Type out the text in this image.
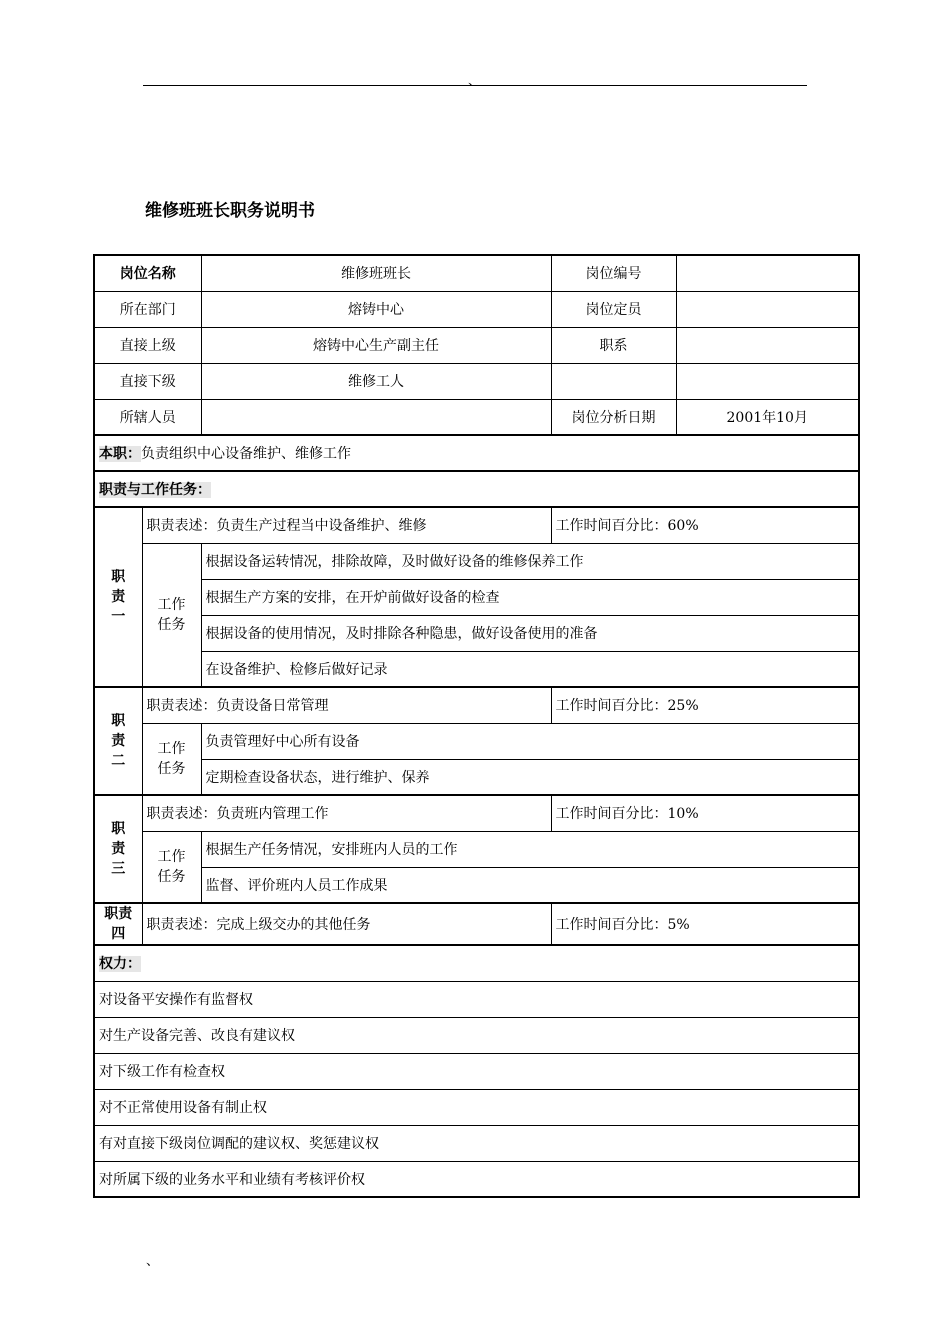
、
维修班班长职务说明书
岗位名称		维修班班长	岗位编号	
所在部门		熔铸中心	岗位定员	
直接上级		熔铸中心生产副主任	职系	
直接下级		维修工人		
所辖人员			岗位分析日期	2001年10月
本职：负责组织中心设备维护、维修工作				
职责与工作任务：				
职
责
一	职责表述：负责生产过程当中设备维护、维修		工作时间百分比：60%	
	工作
任务	根据设备运转情况，排除故障，及时做好设备的维修保养工作		
		根据生产方案的安排，在开炉前做好设备的检查		
		根据设备的使用情况，及时排除各种隐患，做好设备使用的准备		
		在设备维护、检修后做好记录		
职
责
二	职责表述：负责设备日常管理		工作时间百分比：25%	
	工作
任务	负责管理好中心所有设备		
		定期检查设备状态，进行维护、保养		
职
责
三	职责表述：负责班内管理工作		工作时间百分比：10%	
	工作
任务	根据生产任务情况，安排班内人员的工作		
		监督、评价班内人员工作成果		
职责
四	职责表述：完成上级交办的其他任务		工作时间百分比：5%	
权力：				
对设备平安操作有监督权				
对生产设备完善、改良有建议权				
对下级工作有检查权				
对不正常使用设备有制止权				
有对直接下级岗位调配的建议权、奖惩建议权				
对所属下级的业务水平和业绩有考核评价权				
、
